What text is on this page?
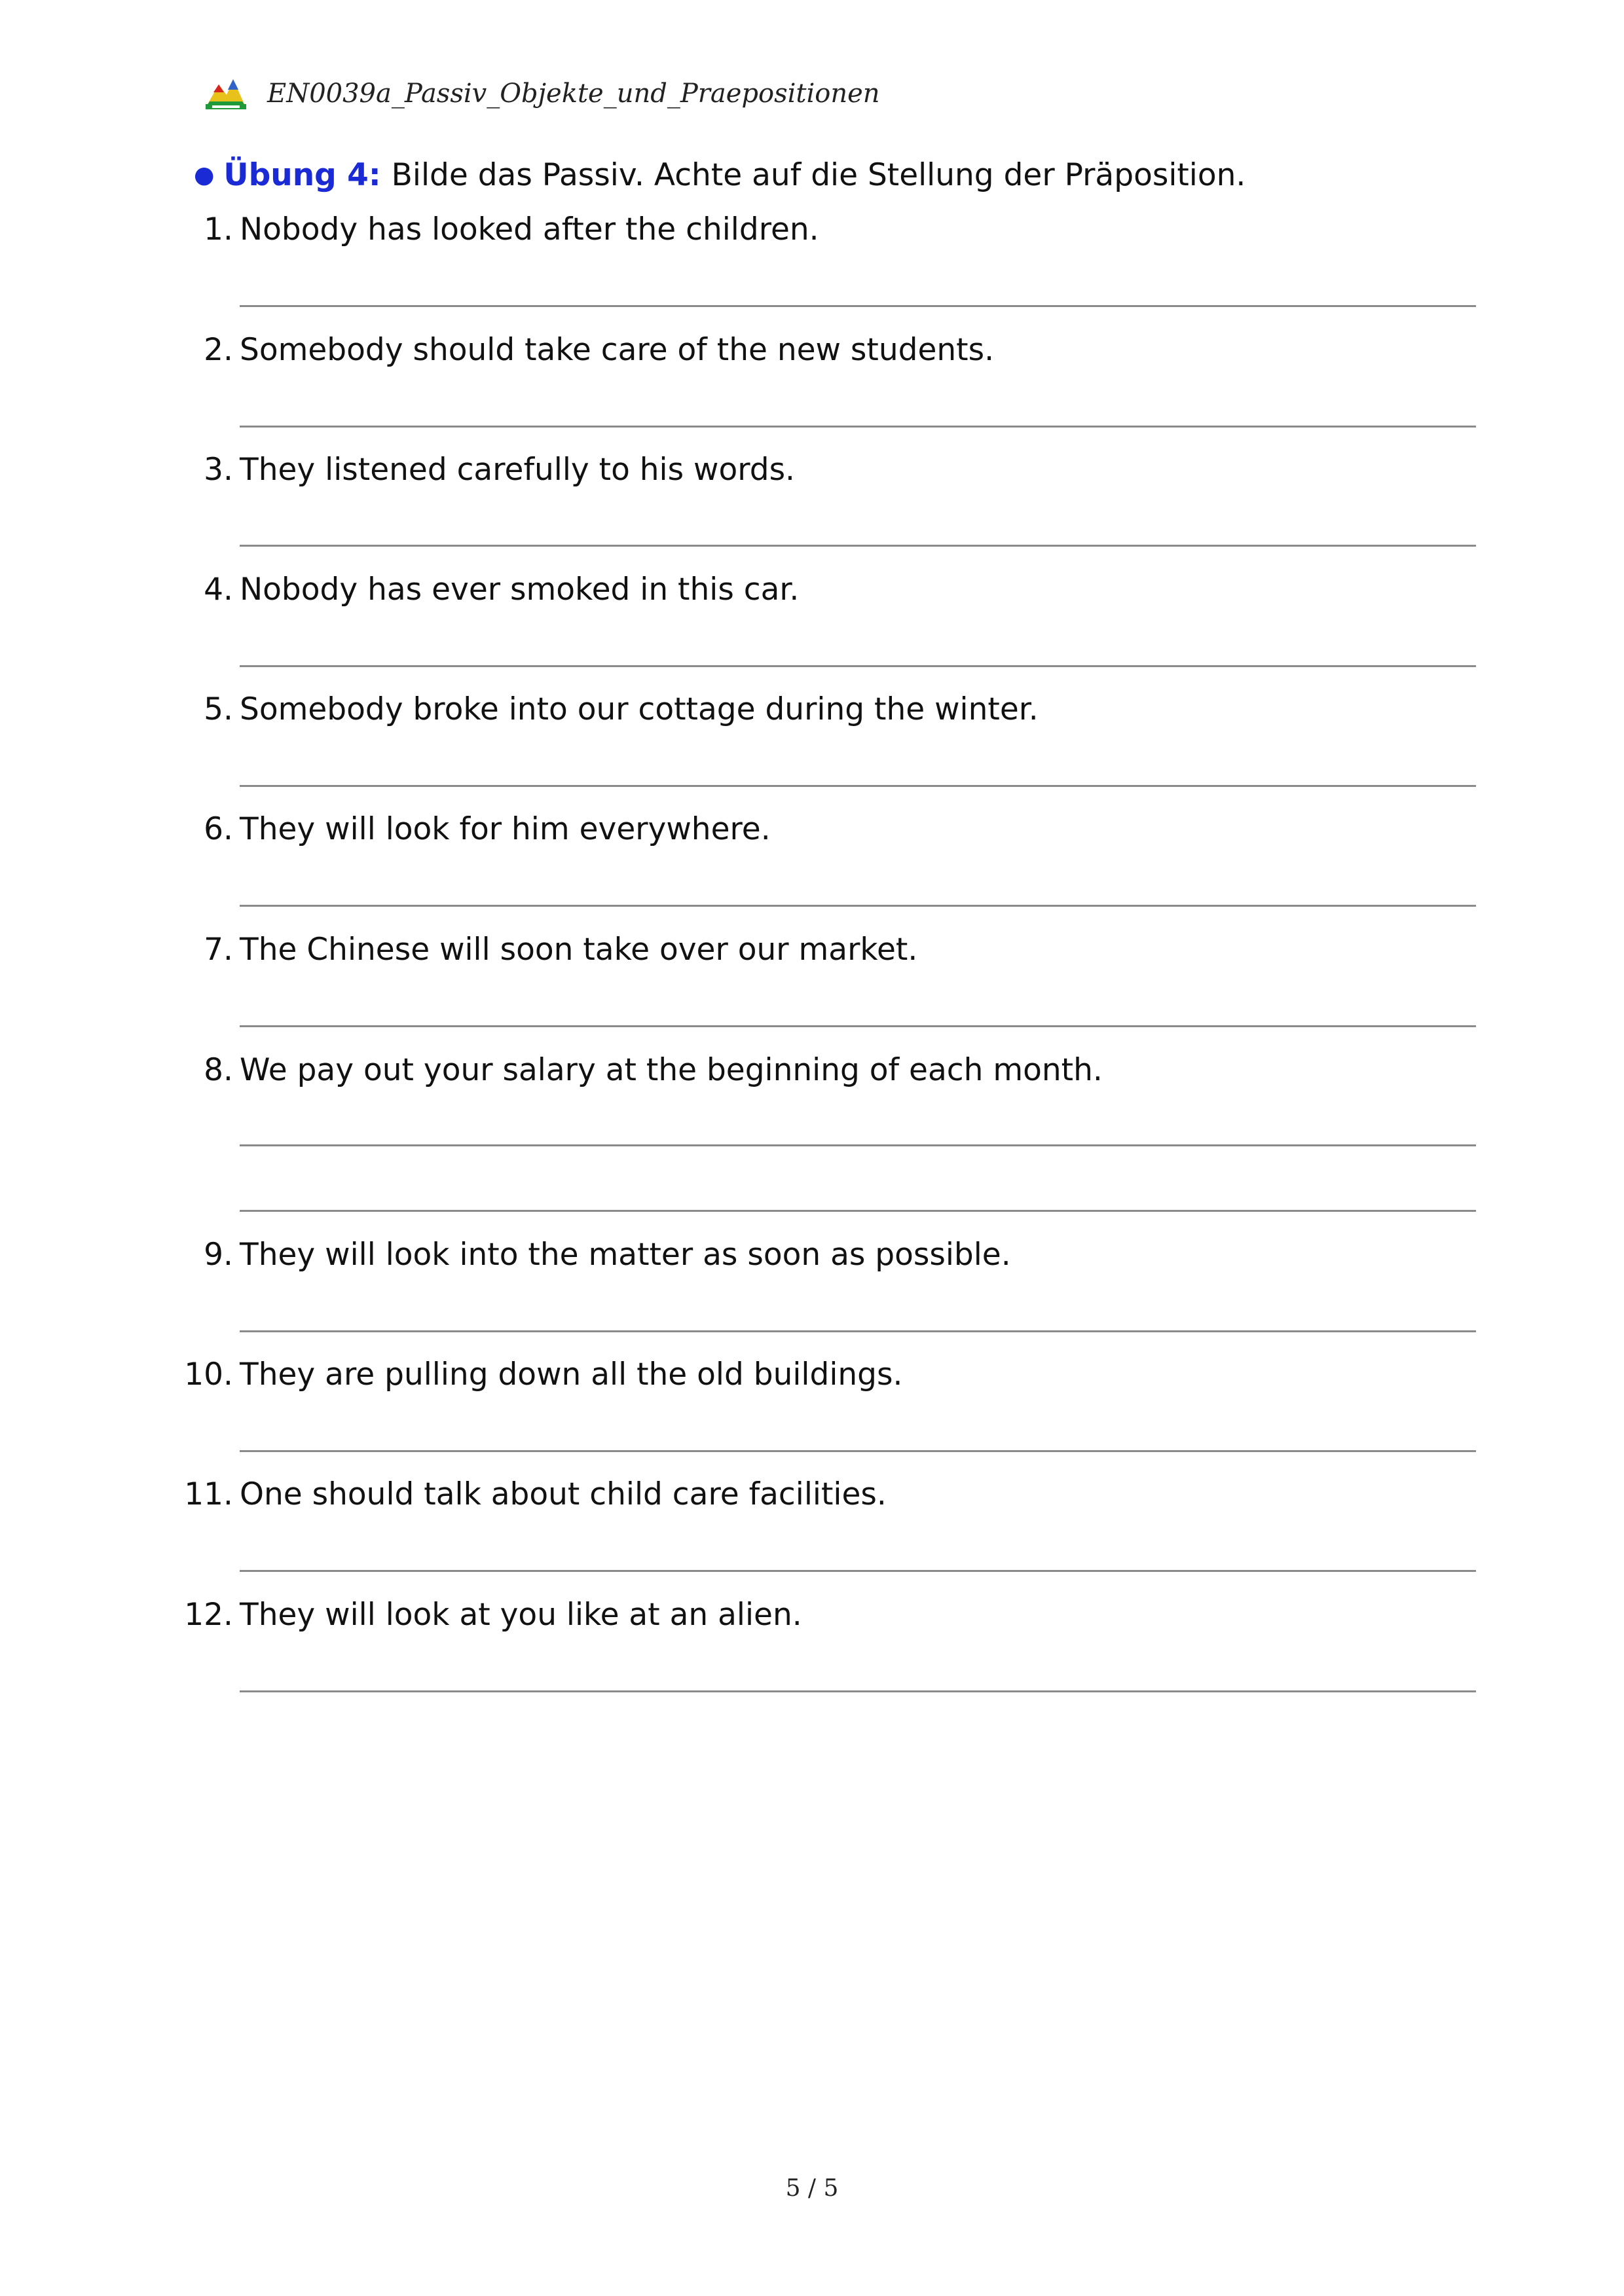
EN0039a_Passiv_Objekte_und_Praepositionen
● Übung 4: Bilde das Passiv. Achte auf die Stellung der Präposition.
1. Nobody has looked after the children.
2. Somebody should take care of the new students.
3. They listened carefully to his words.
4. Nobody has ever smoked in this car.
5. Somebody broke into our cottage during the winter.
6. They will look for him everywhere.
7. The Chinese will soon take over our market.
8. We pay out your salary at the beginning of each month.
9. They will look into the matter as soon as possible.
10. They are pulling down all the old buildings.
11. One should talk about child care facilities.
12. They will look at you like at an alien.
5 / 5
